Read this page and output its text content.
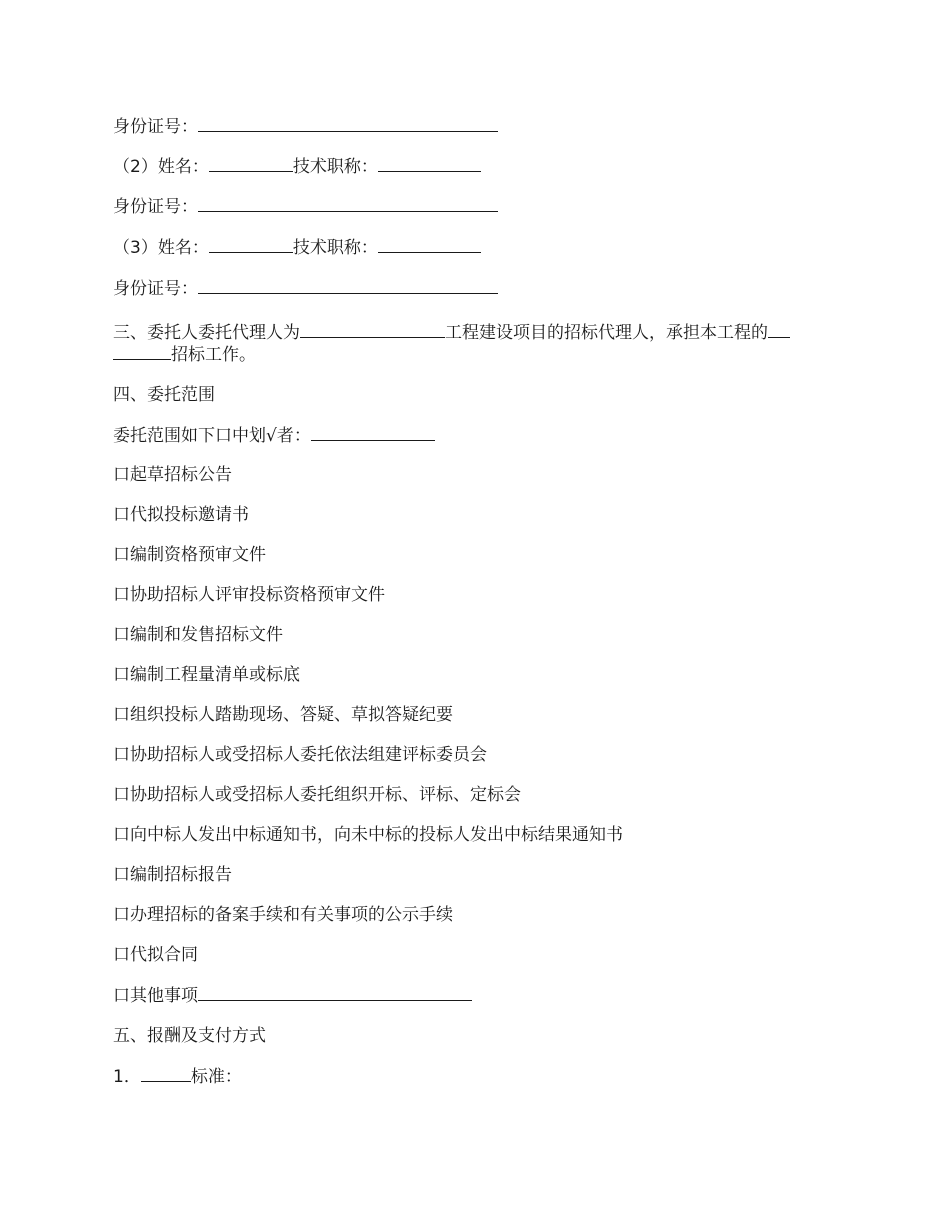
身份证号：
（2）姓名：	技术职称：
身份证号：
（3）姓名：	技术职称：
身份证号：
三、委托人委托代理人为	工程建设项目的招标代理人，承担本工程的
招标工作。
四、委托范围
委托范围如下口中划√者：
口起草招标公告
口代拟投标邀请书
口编制资格预审文件
口协助招标人评审投标资格预审文件
口编制和发售招标文件
口编制工程量清单或标底
口组织投标人踏勘现场、答疑、草拟答疑纪要
口协助招标人或受招标人委托依法组建评标委员会
口协助招标人或受招标人委托组织开标、评标、定标会
口向中标人发出中标通知书，向未中标的投标人发出中标结果通知书
口编制招标报告
口办理招标的备案手续和有关事项的公示手续
口代拟合同
口其他事项
五、报酬及支付方式
1．	标准：
